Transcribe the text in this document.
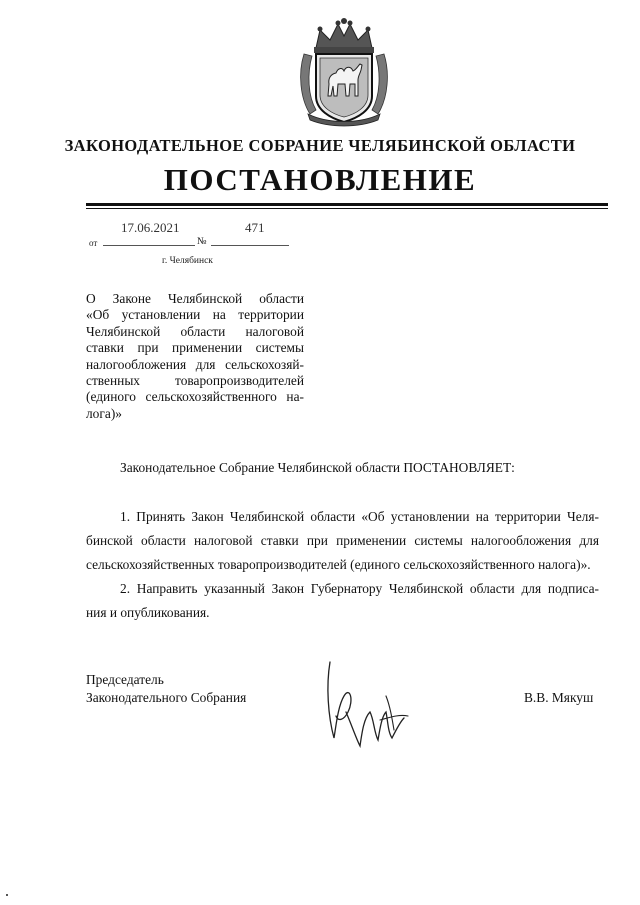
ЗАКОНОДАТЕЛЬНОЕ СОБРАНИЕ ЧЕЛЯБИНСКОЙ ОБЛАСТИ
ПОСТАНОВЛЕНИЕ
17.06.2021	471
от	№
г. Челябинск
О Законе Челябинской области
«Об установлении на территории
Челябинской области налоговой
ставки при применении системы
налогообложения для сельскохозяй-
ственных товаропроизводителей
(единого сельскохозяйственного на-
лога)»
Законодательное Собрание Челябинской области ПОСТАНОВЛЯЕТ:
1. Принять Закон Челябинской области «Об установлении на территории Челя-
бинской области налоговой ставки при применении системы налогообложения для
сельскохозяйственных товаропроизводителей (единого сельскохозяйственного налога)».
2. Направить указанный Закон Губернатору Челябинской области для подписа-
ния и опубликования.
Председатель
Законодательного Собрания	В.В. Мякуш
